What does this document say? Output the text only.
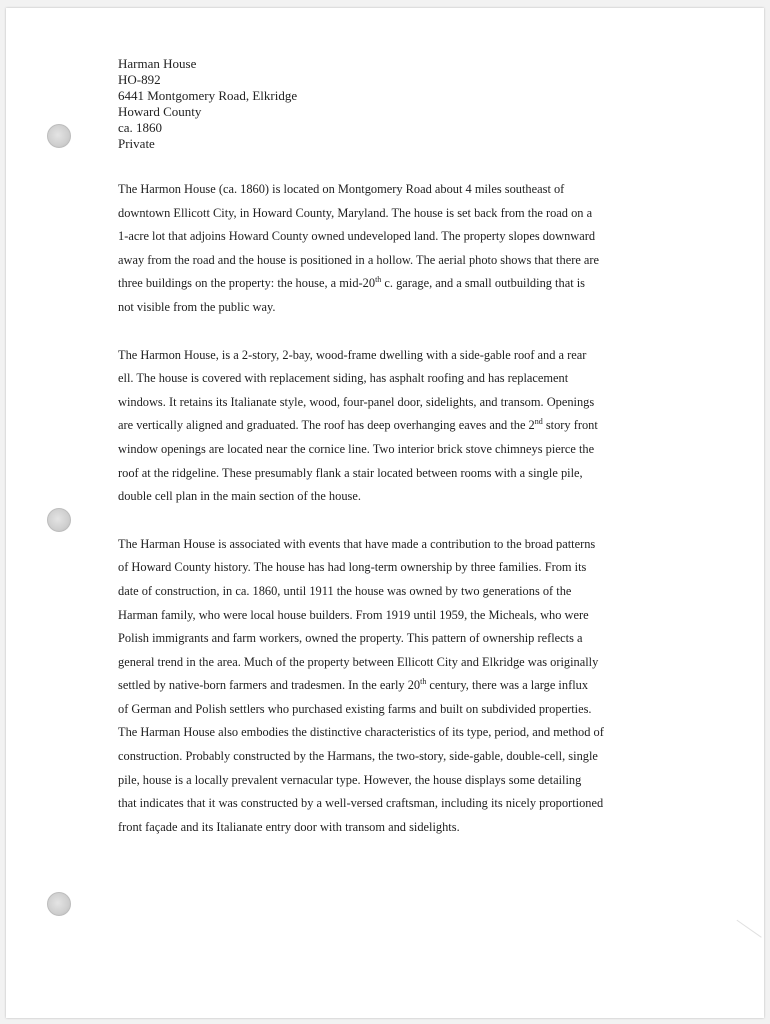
Harman House
HO-892
6441 Montgomery Road, Elkridge
Howard County
ca. 1860
Private
The Harmon House (ca. 1860) is located on Montgomery Road about 4 miles southeast of
downtown Ellicott City, in Howard County, Maryland. The house is set back from the road on a
1-acre lot that adjoins Howard County owned undeveloped land. The property slopes downward
away from the road and the house is positioned in a hollow. The aerial photo shows that there are
three buildings on the property: the house, a mid-20th c. garage, and a small outbuilding that is
not visible from the public way.
The Harmon House, is a 2-story, 2-bay, wood-frame dwelling with a side-gable roof and a rear
ell. The house is covered with replacement siding, has asphalt roofing and has replacement
windows. It retains its Italianate style, wood, four-panel door, sidelights, and transom. Openings
are vertically aligned and graduated. The roof has deep overhanging eaves and the 2nd story front
window openings are located near the cornice line. Two interior brick stove chimneys pierce the
roof at the ridgeline. These presumably flank a stair located between rooms with a single pile,
double cell plan in the main section of the house.
The Harman House is associated with events that have made a contribution to the broad patterns
of Howard County history. The house has had long-term ownership by three families. From its
date of construction, in ca. 1860, until 1911 the house was owned by two generations of the
Harman family, who were local house builders. From 1919 until 1959, the Micheals, who were
Polish immigrants and farm workers, owned the property. This pattern of ownership reflects a
general trend in the area. Much of the property between Ellicott City and Elkridge was originally
settled by native-born farmers and tradesmen. In the early 20th century, there was a large influx
of German and Polish settlers who purchased existing farms and built on subdivided properties.
The Harman House also embodies the distinctive characteristics of its type, period, and method of
construction. Probably constructed by the Harmans, the two-story, side-gable, double-cell, single
pile, house is a locally prevalent vernacular type. However, the house displays some detailing
that indicates that it was constructed by a well-versed craftsman, including its nicely proportioned
front façade and its Italianate entry door with transom and sidelights.
